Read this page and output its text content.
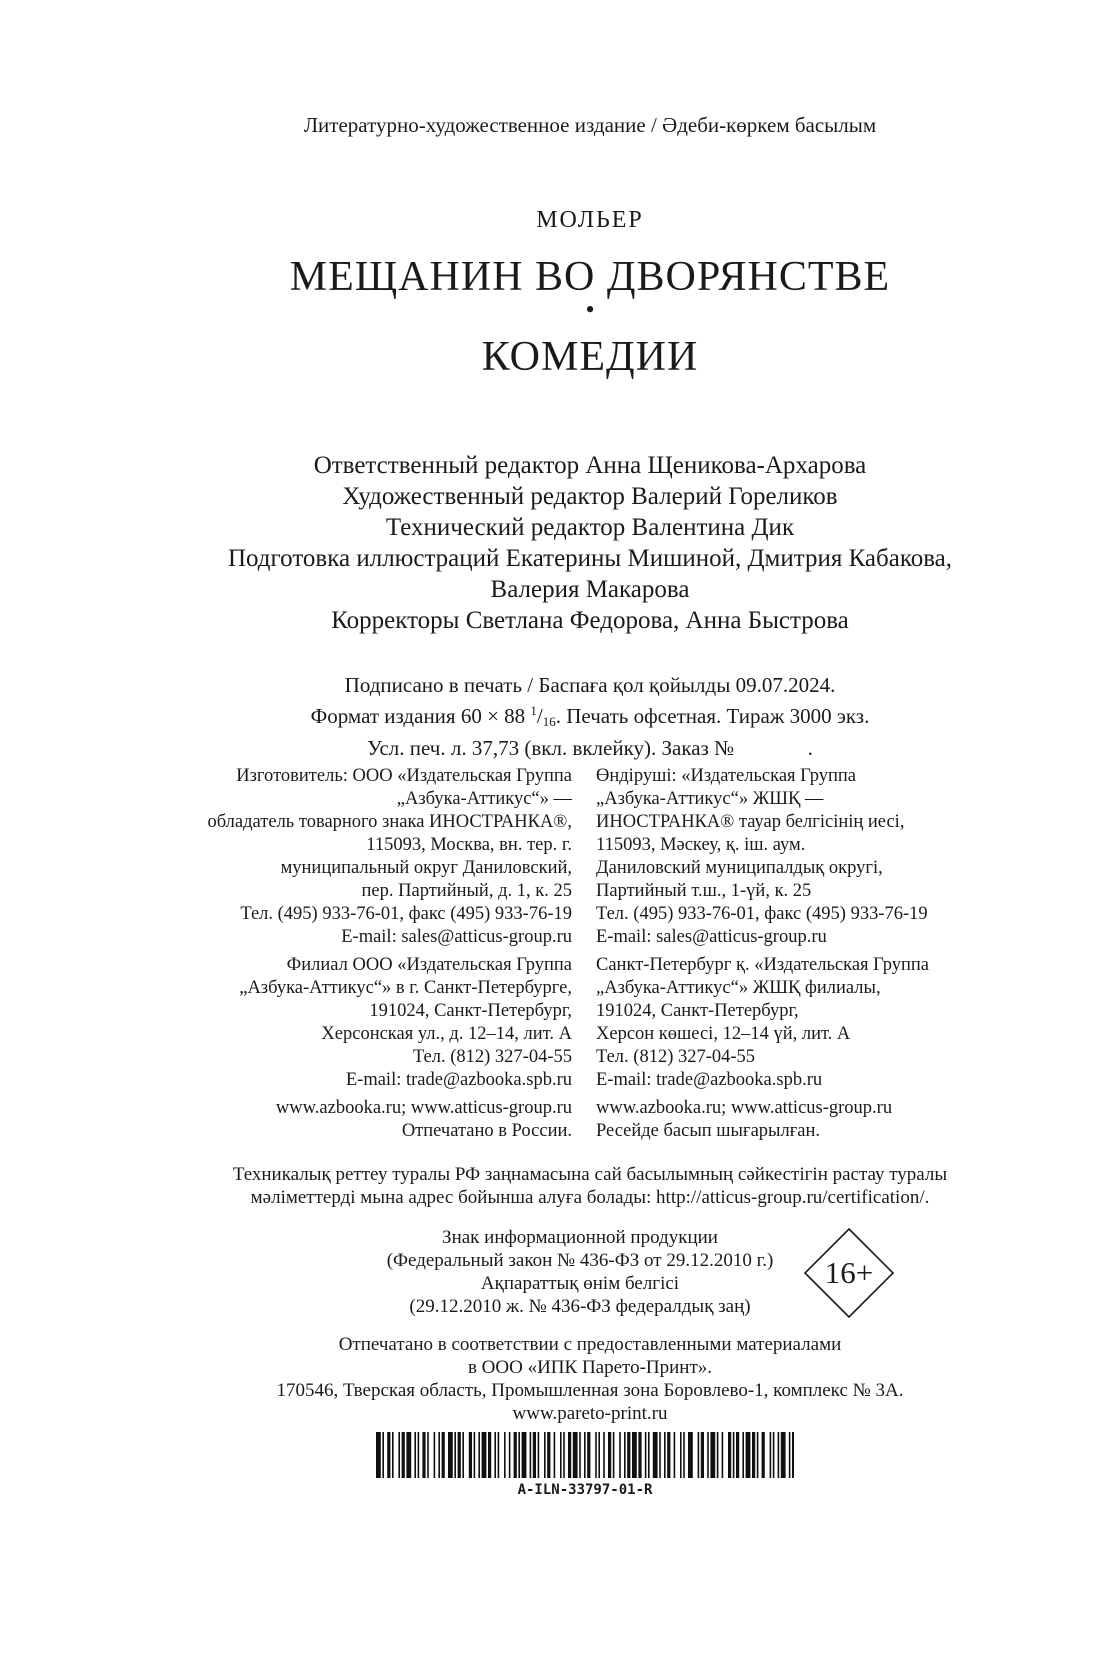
Литературно-художественное издание / Әдеби-көркем басылым
МОЛЬЕР
МЕЩАНИН ВО ДВОРЯНСТВЕ
•
КОМЕДИИ
Ответственный редактор Анна Щеникова-Архарова
Художественный редактор Валерий Гореликов
Технический редактор Валентина Дик
Подготовка иллюстраций Екатерины Мишиной, Дмитрия Кабакова,
Валерия Макарова
Корректоры Светлана Федорова, Анна Быстрова
Подписано в печать / Баспаға қол қойылды 09.07.2024.
Формат издания 60 × 88 $^1/_{16}$. Печать офсетная. Тираж 3000 экз.
Усл. печ. л. 37,73 (вкл. вклейку). Заказ №              .
Изготовитель: ООО «Издательская Группа
„Азбука-Аттикус“» —
обладатель товарного знака ИНОСТРАНКА®,
115093, Москва, вн. тер. г.
муниципальный округ Даниловский,
пер. Партийный, д. 1, к. 25
Тел. (495) 933-76-01, факс (495) 933-76-19
E-mail: sales@atticus-group.ru
Филиал ООО «Издательская Группа
„Азбука-Аттикус“» в г. Санкт-Петербурге,
191024, Санкт-Петербург,
Херсонская ул., д. 12–14, лит. А
Тел. (812) 327-04-55
E-mail: trade@azbooka.spb.ru
www.azbooka.ru; www.atticus-group.ru
Отпечатано в России.
Өндіруші: «Издательская Группа
„Азбука-Аттикус“» ЖШҚ —
ИНОСТРАНКА® тауар белгісінің иесі,
115093, Мәскеу, қ. іш. аум.
Даниловский муниципалдық округі,
Партийный т.ш., 1-үй, к. 25
Тел. (495) 933-76-01, факс (495) 933-76-19
E-mail: sales@atticus-group.ru
Санкт-Петербург қ. «Издательская Группа
„Азбука-Аттикус“» ЖШҚ филиалы,
191024, Санкт-Петербург,
Херсон көшесі, 12–14 үй, лит. А
Тел. (812) 327-04-55
E-mail: trade@azbooka.spb.ru
www.azbooka.ru; www.atticus-group.ru
Ресейде басып шығарылған.
Техникалық реттеу туралы РФ заңнамасына сай басылымның сәйкестігін растау туралы
мәліметтерді мына адрес бойынша алуға болады: http://atticus-group.ru/certification/.
Знак информационной продукции
(Федеральный закон № 436-ФЗ от 29.12.2010 г.)
Ақпараттық өнім белгісі
(29.12.2010 ж. № 436-ФЗ федералдық заң)
16+
Отпечатано в соответствии с предоставленными материалами
в ООО «ИПК Парето-Принт».
170546, Тверская область, Промышленная зона Боровлево-1, комплекс № 3А.
www.pareto-print.ru
A-ILN-33797-01-R
